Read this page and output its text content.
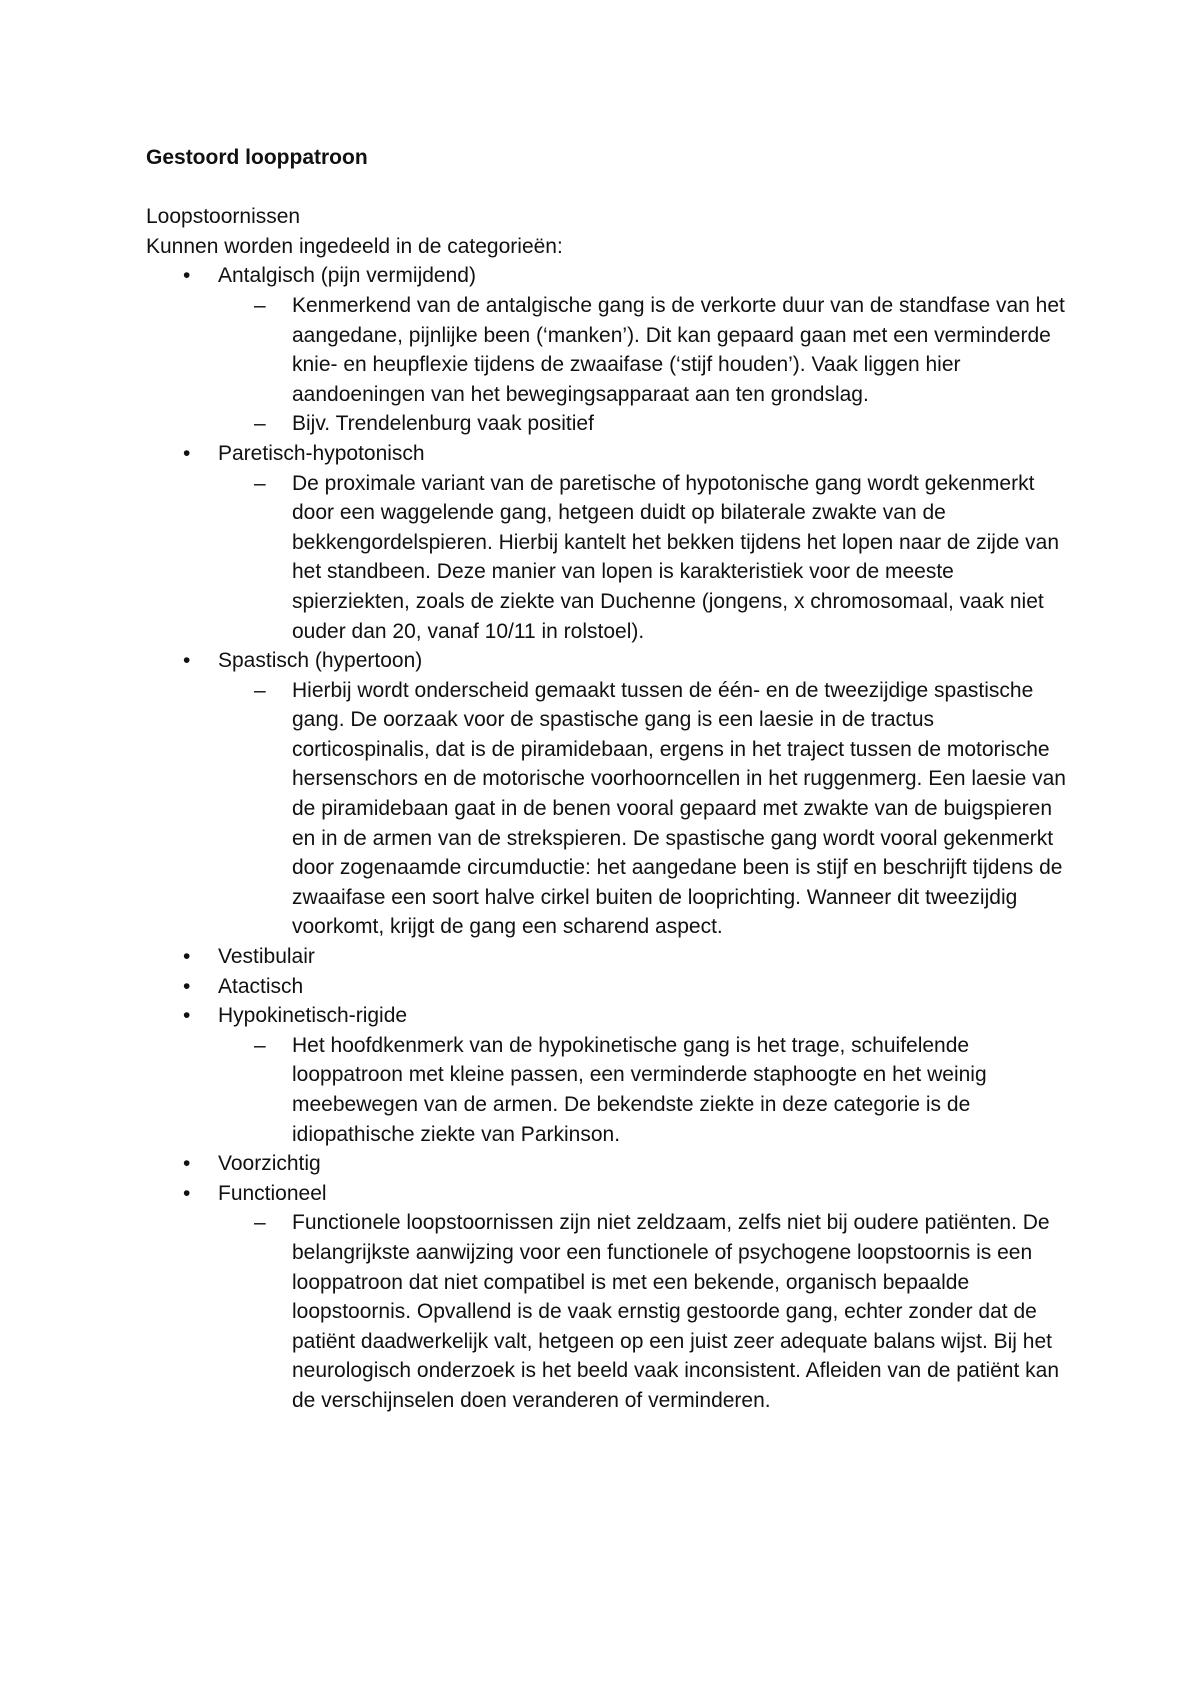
Gestoord looppatroon

Loopstoornissen

Kunnen worden ingedeeld in de categorieën:

• Antalgisch (pijn vermijdend)
– Kenmerkend van de antalgische gang is de verkorte duur van de standfase van het aangedane, pijnlijke been (‘manken’). Dit kan gepaard gaan met een verminderde knie- en heupflexie tijdens de zwaaifase (‘stijf houden’). Vaak liggen hier aandoeningen van het bewegingsapparaat aan ten grondslag.
– Bijv. Trendelenburg vaak positief
• Paretisch-hypotonisch
– De proximale variant van de paretische of hypotonische gang wordt gekenmerkt door een waggelende gang, hetgeen duidt op bilaterale zwakte van de bekkengordelspieren. Hierbij kantelt het bekken tijdens het lopen naar de zijde van het standbeen. Deze manier van lopen is karakteristiek voor de meeste spierziekten, zoals de ziekte van Duchenne (jongens, x chromosomaal, vaak niet ouder dan 20, vanaf 10/11 in rolstoel).
• Spastisch (hypertoon)
– Hierbij wordt onderscheid gemaakt tussen de één- en de tweezijdige spastische gang. De oorzaak voor de spastische gang is een laesie in de tractus corticospinalis, dat is de piramidebaan, ergens in het traject tussen de motorische hersenschors en de motorische voorhoorncellen in het ruggenmerg. Een laesie van de piramidebaan gaat in de benen vooral gepaard met zwakte van de buigspieren en in de armen van de strekspieren. De spastische gang wordt vooral gekenmerkt door zogenaamde circumductie: het aangedane been is stijf en beschrijft tijdens de zwaaifase een soort halve cirkel buiten de looprichting. Wanneer dit tweezijdig voorkomt, krijgt de gang een scharend aspect.
• Vestibulair
• Atactisch
• Hypokinetisch-rigide
– Het hoofdkenmerk van de hypokinetische gang is het trage, schuifelende looppatroon met kleine passen, een verminderde staphoogte en het weinig meebewegen van de armen. De bekendste ziekte in deze categorie is de idiopathische ziekte van Parkinson.
• Voorzichtig
• Functioneel
– Functionele loopstoornissen zijn niet zeldzaam, zelfs niet bij oudere patiënten. De belangrijkste aanwijzing voor een functionele of psychogene loopstoornis is een looppatroon dat niet compatibel is met een bekende, organisch bepaalde loopstoornis. Opvallend is de vaak ernstig gestoorde gang, echter zonder dat de patiënt daadwerkelijk valt, hetgeen op een juist zeer adequate balans wijst. Bij het neurologisch onderzoek is het beeld vaak inconsistent. Afleiden van de patiënt kan de verschijnselen doen veranderen of verminderen.
